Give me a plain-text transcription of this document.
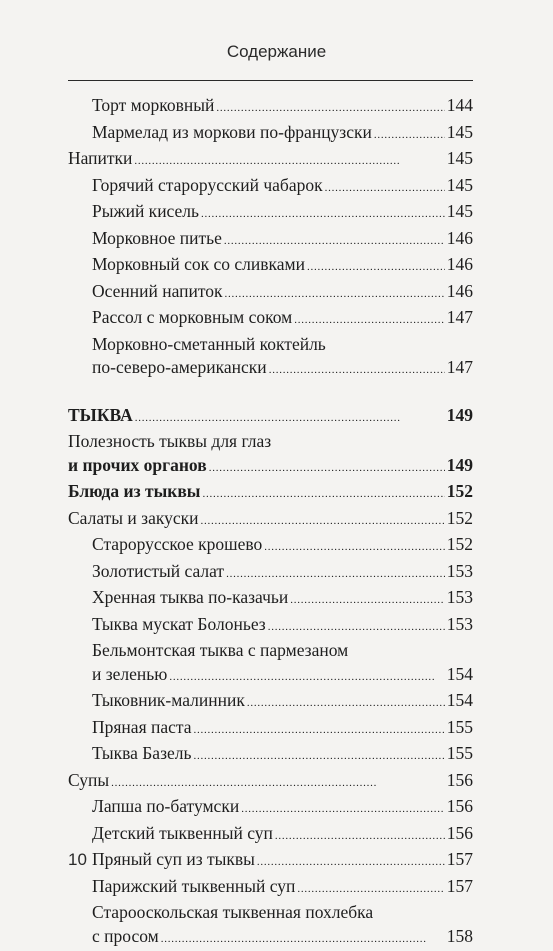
Содержание
Торт морковный . . .	144
Мармелад из моркови по-французски . . .	145
Напитки . . .	145
Горячий старорусский чабарок . . .	145
Рыжий кисель . . .	145
Морковное питье . . .	146
Морковный сок со сливками . . .	146
Осенний напиток . . .	146
Рассол с морковным соком . . .	147
Морковно-сметанный коктейль
по-северо-американски . . .	147
ТЫКВА . . .	149
Полезность тыквы для глаз
и прочих органов . . .	149
Блюда из тыквы . . .	152
Салаты и закуски . . .	152
Старорусское крошево . . .	152
Золотистый салат . . .	153
Хренная тыква по-казачьи . . .	153
Тыква мускат Болоньез . . .	153
Бельмонтская тыква с пармезаном
и зеленью . . .	154
Тыковник-малинник . . .	154
Пряная паста . . .	155
Тыква Базель . . .	155
Супы . . .	156
Лапша по-батумски . . .	156
Детский тыквенный суп . . .	156
Пряный суп из тыквы . . .	157
Парижский тыквенный суп . . .	157
Старооскольская тыквенная похлебка
с просом . . .	158
10
